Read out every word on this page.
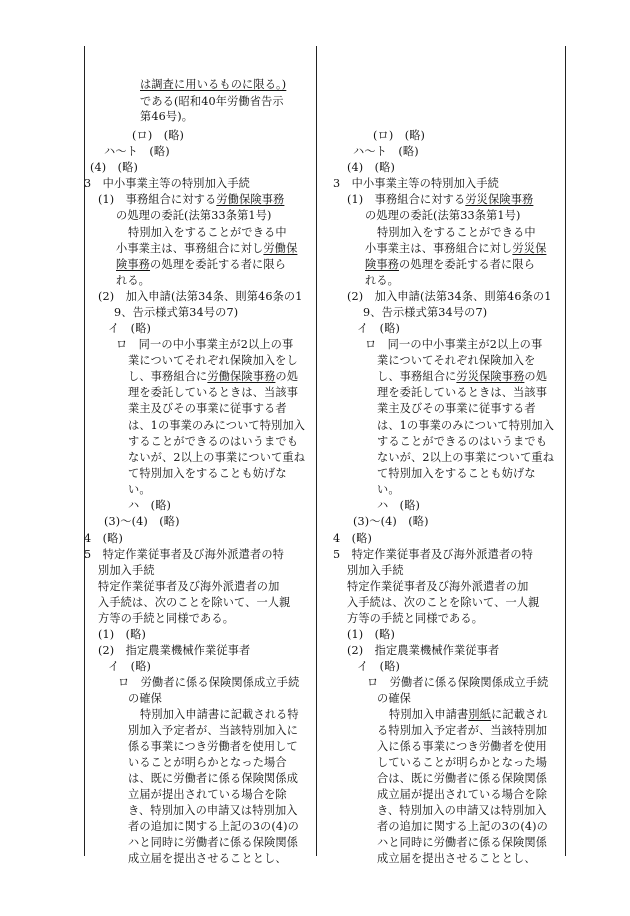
は調査に用いるものに限る。)
である(昭和40年労働省告示
第46号)。
(ロ)　(略)
ハ〜ト　(略)
(4)　(略)
3　中小事業主等の特別加入手続
(1)　事務組合に対する労働保険事務
の処理の委託(法第33条第1号)
特別加入をすることができる中
小事業主は、事務組合に対し労働保
険事務の処理を委託する者に限ら
れる。
(2)　加入申請(法第34条、則第46条の1
9、告示様式第34号の7)
イ　(略)
ロ　同一の中小事業主が2以上の事
業についてそれぞれ保険加入をし
し、事務組合に労働保険事務の処
理を委託しているときは、当該事
業主及びその事業に従事する者
は、1の事業のみについて特別加入
することができるのはいうまでも
ないが、2以上の事業について重ね
て特別加入をすることも妨げな
い。
ハ　(略)
(3)〜(4)　(略)
4　(略)
5　特定作業従事者及び海外派遣者の特
別加入手続
特定作業従事者及び海外派遣者の加
入手続は、次のことを除いて、一人親
方等の手続と同様である。
(1)　(略)
(2)　指定農業機械作業従事者
イ　(略)
ロ　労働者に係る保険関係成立手続
の確保
特別加入申請書に記載される特
別加入予定者が、当該特別加入に
係る事業につき労働者を使用して
いることが明らかとなった場合
は、既に労働者に係る保険関係成
立届が提出されている場合を除
き、特別加入の申請又は特別加入
者の追加に関する上記の3の(4)の
ハと同時に労働者に係る保険関係
成立届を提出させることとし、
(ロ)　(略)
ハ〜ト　(略)
(4)　(略)
3　中小事業主等の特別加入手続
(1)　事務組合に対する労災保険事務
の処理の委託(法第33条第1号)
特別加入をすることができる中
小事業主は、事務組合に対し労災保
険事務の処理を委託する者に限ら
れる。
(2)　加入申請(法第34条、則第46条の1
9、告示様式第34号の7)
イ　(略)
ロ　同一の中小事業主が2以上の事
業についてそれぞれ保険加入を
し、事務組合に労災保険事務の処
理を委託しているときは、当該事
業主及びその事業に従事する者
は、1の事業のみについて特別加入
することができるのはいうまでも
ないが、2以上の事業について重ね
て特別加入をすることも妨げな
い。
ハ　(略)
(3)〜(4)　(略)
4　(略)
5　特定作業従事者及び海外派遣者の特
別加入手続
特定作業従事者及び海外派遣者の加
入手続は、次のことを除いて、一人親
方等の手続と同様である。
(1)　(略)
(2)　指定農業機械作業従事者
イ　(略)
ロ　労働者に係る保険関係成立手続
の確保
特別加入申請書別紙に記載され
る特別加入予定者が、当該特別加
入に係る事業につき労働者を使用
していることが明らかとなった場
合は、既に労働者に係る保険関係
成立届が提出されている場合を除
き、特別加入の申請又は特別加入
者の追加に関する上記の3の(4)の
ハと同時に労働者に係る保険関係
成立届を提出させることとし、
